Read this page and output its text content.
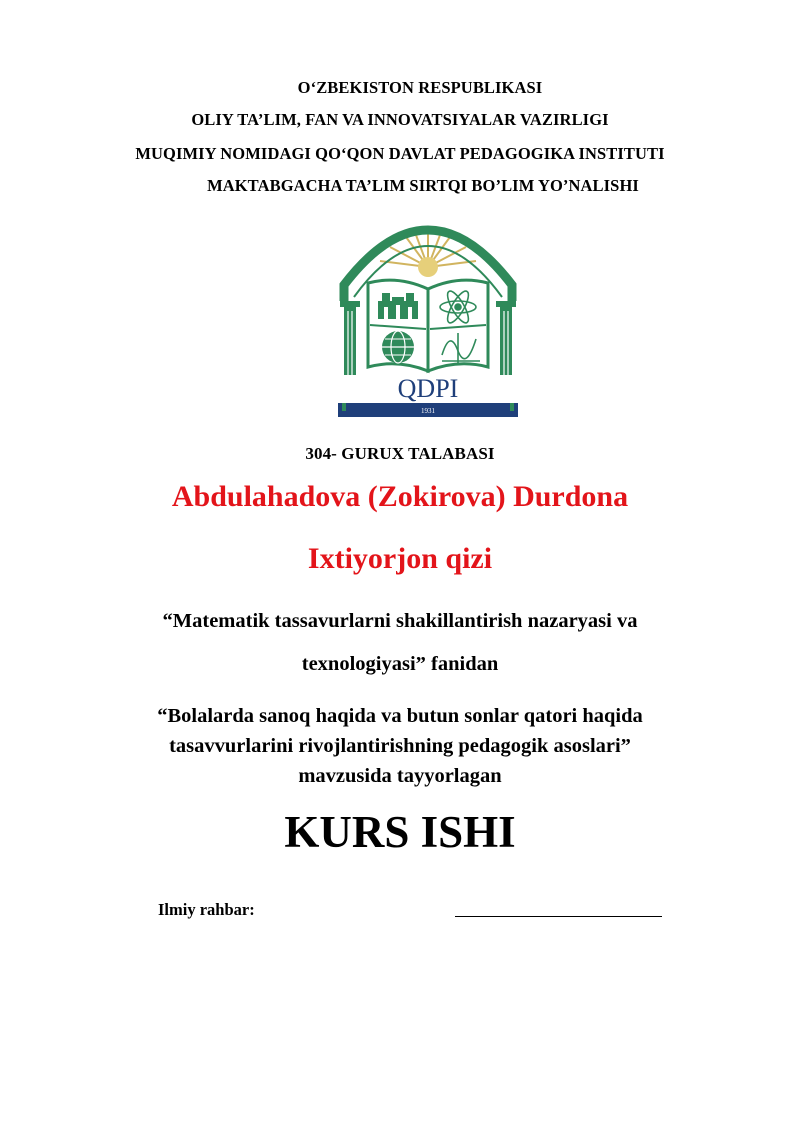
O‘ZBEKISTON RESPUBLIKASI
OLIY TA’LIM, FAN VA INNOVATSIYALAR VAZIRLIGI
MUQIMIY NOMIDAGI QO‘QON DAVLAT PEDAGOGIKA INSTITUTI
MAKTABGACHA TA’LIM SIRTQI BO’LIM YO’NALISHI
QDPI
1931
304- GURUX TALABASI
Abdulahadova (Zokirova) Durdona
Ixtiyorjon qizi
“Matematik tassavurlarni shakillantirish nazaryasi va
texnologiyasi” fanidan
“Bolalarda sanoq haqida va butun sonlar qatori haqida
tasavvurlarini rivojlantirishning pedagogik asoslari”
mavzusida tayyorlagan
KURS ISHI
Ilmiy rahbar:
